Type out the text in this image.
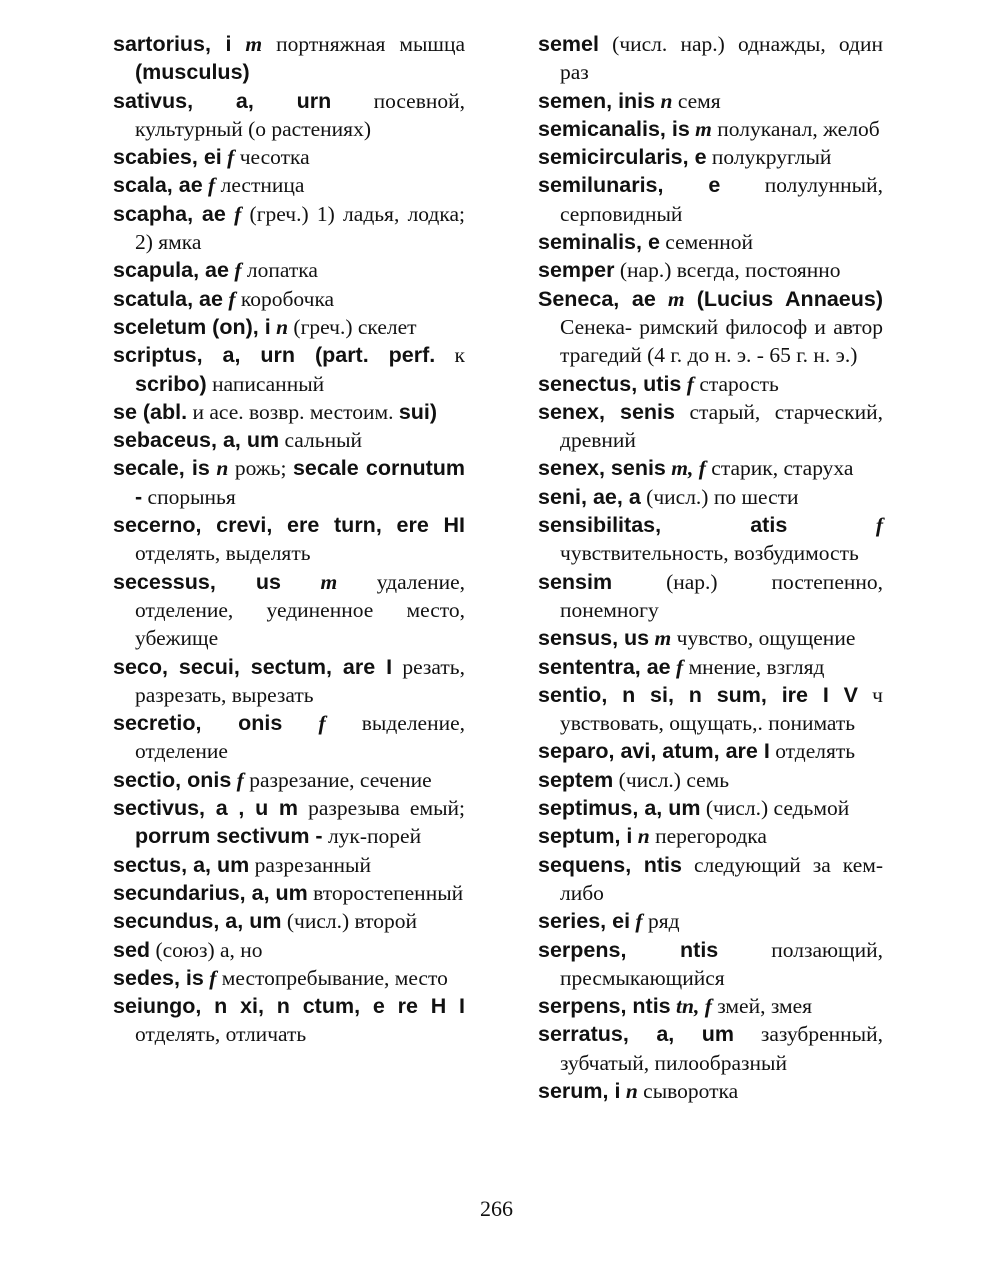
sartorius, i m портняжная мышца (musculus)
sativus, a, urn посевной, культурный (о растениях)
scabies, ei f чесотка
scala, ae f лестница
scapha, ae f (греч.) 1) ладья, лодка; 2) ямка
scapula, ae f лопатка
scatula, ae f коробочка
sceletum (on), i n (греч.) скелет
scriptus, a, urn (part. perf. к scribo) написанный
se (abl. и асе. возвр. местоим. sui)
sebaceus, a, um сальный
secale, is n рожь; secale cornutum - спорынья
secerno, crevi, ere turn, ere HI отделять, выделять
secessus, us m удаление, отделение, уединенное место, убежище
seco, secui, sectum, are I резать, разрезать, вырезать
secretio, onis f выделение, отделение
sectio, onis f разрезание, сечение
sectivus, a , u m разрезыва емый; porrum sectivum - лук-порей
sectus, a, um разрезанный
secundarius, a, um второстепенный
secundus, a, um (числ.) второй
sed (союз) а, но
sedes, is f местопребывание, место
seiungo, n xi, n ctum, e re H I отделять, отличать
semel (числ. нар.) однажды, один раз
semen, inis n семя
semicanalis, is m полуканал, желоб
semicircularis, e полукруглый
semilunaris, e полулунный, серповидный
seminalis, e семенной
semper (нар.) всегда, постоянно
Seneca, ae m (Lucius Annaeus) Сенека- римский философ и автор трагедий (4 г. до н. э. - 65 г. н. э.)
senectus, utis f старость
senex, senis старый, старческий, древний
senex, senis m, f старик, старуха
seni, ae, a (числ.) по шести
sensibilitas, atis	f чувствительность, возбудимость
sensim	(нар.) постепенно, понемногу
sensus, us m чувство, ощущение
sententra, ae f мнение, взгляд
sentio, n si, n sum, ire I V ч увствовать, ощущать,. понимать
separo, avi, atum, are I отделять
septem (числ.) семь
septimus, a, um (числ.) седьмой
septum, i n перегородка
sequens, ntis следующий за кем-либо
series, ei f ряд
serpens, ntis ползающий, пресмыкающийся
serpens, ntis tn, f змей, змея
serratus, a, um зазубренный, зубчатый, пилообразный
serum, i n сыворотка
266
